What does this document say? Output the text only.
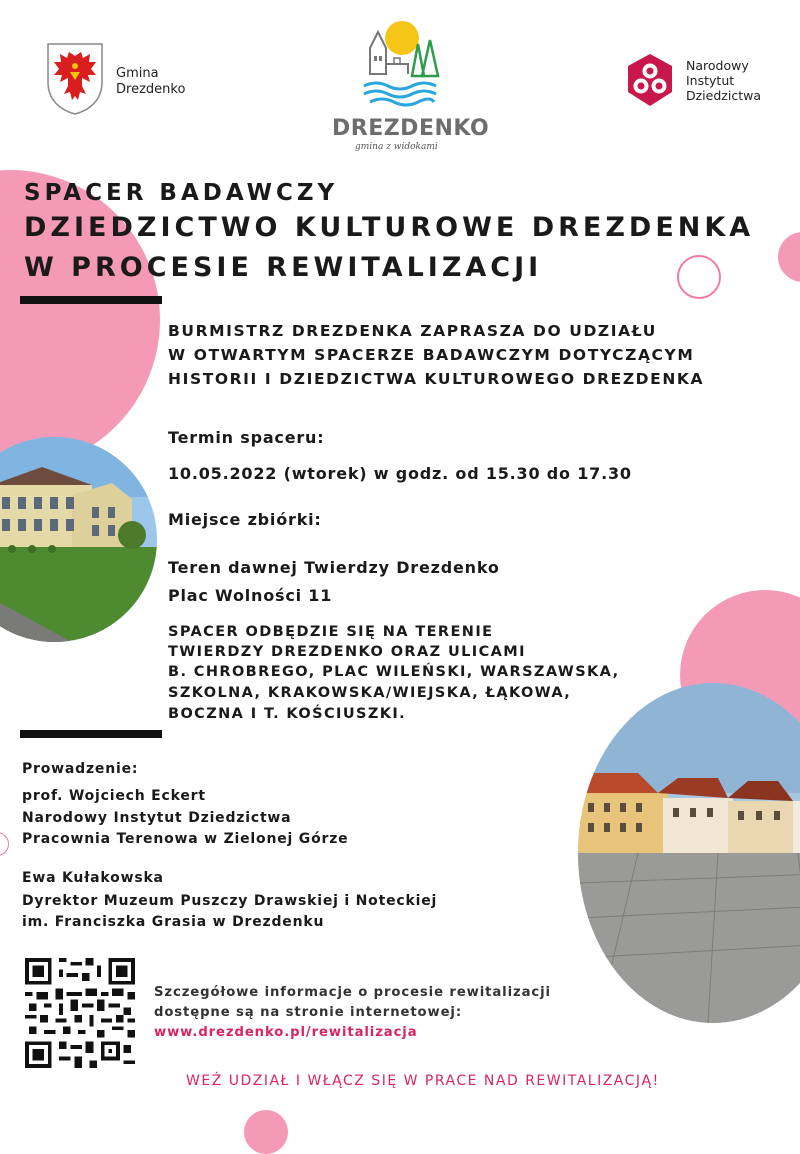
Gmina
Drezdenko
DREZDENKO
gmina z widokami
Narodowy
Instytut
Dziedzictwa
SPACER BADAWCZY
DZIEDZICTWO KULTUROWE DREZDENKA
W PROCESIE REWITALIZACJI
BURMISTRZ DREZDENKA ZAPRASZA DO UDZIAŁU
W OTWARTYM SPACERZE BADAWCZYM DOTYCZĄCYM
HISTORII I DZIEDZICTWA KULTUROWEGO DREZDENKA
Termin spaceru:
10.05.2022 (wtorek) w godz. od 15.30 do 17.30
Miejsce zbiórki:
Teren dawnej Twierdzy Drezdenko
Plac Wolności 11
SPACER ODBĘDZIE SIĘ NA TERENIE
TWIERDZY DREZDENKO ORAZ ULICAMI
B. CHROBREGO, PLAC WILEŃSKI, WARSZAWSKA,
SZKOLNA, KRAKOWSKA/WIEJSKA, ŁĄKOWA,
BOCZNA I T. KOŚCIUSZKI.
Prowadzenie:
prof. Wojciech Eckert
Narodowy Instytut Dziedzictwa
Pracownia Terenowa w Zielonej Górze
Ewa Kułakowska
Dyrektor Muzeum Puszczy Drawskiej i Noteckiej
im. Franciszka Grasia w Drezdenku
Szczegółowe informacje o procesie rewitalizacji
dostępne są na stronie internetowej:
www.drezdenko.pl/rewitalizacja
WEŹ UDZIAŁ I WŁĄCZ SIĘ W PRACE NAD REWITALIZACJĄ!
